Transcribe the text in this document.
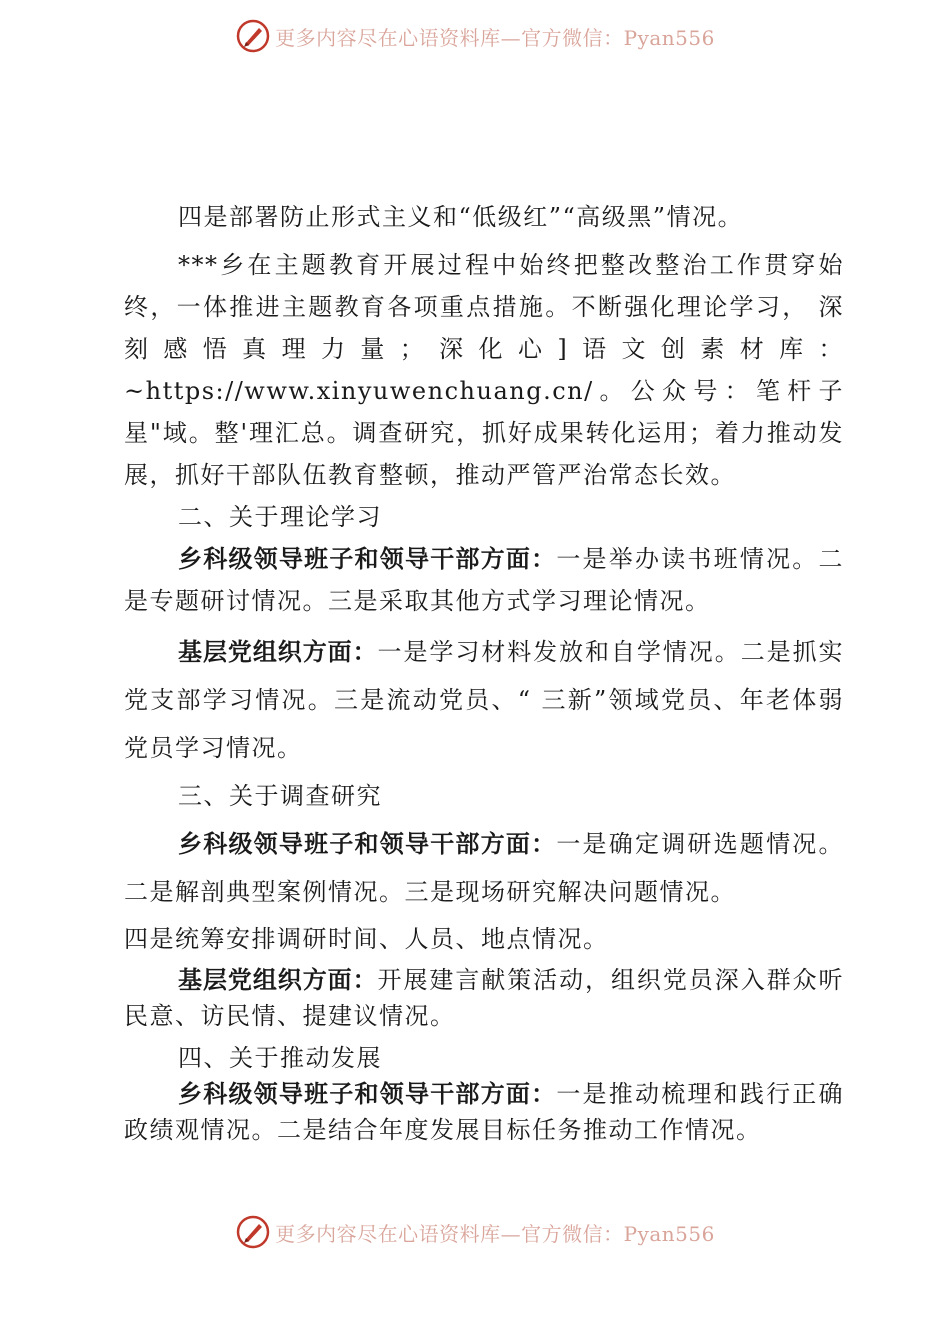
更多内容尽在心语资料库—官方微信：Pyan556

四是部署防止形式主义和“低级红”“高级黑”情况。

***乡在主题教育开展过程中始终把整改整治工作贯穿始终，一体推进主题教育各项重点措施。不断强化理论学习， 深刻感悟真理力量；深化心]语文创素材库：~https://www.xinyuwenchuang.cn/。公众号：笔杆子星"域。整'理汇总。调查研究，抓好成果转化运用；着力推动发展，抓好干部队伍教育整顿，推动严管严治常态长效。

二、关于理论学习

乡科级领导班子和领导干部方面：一是举办读书班情况。二是专题研讨情况。三是采取其他方式学习理论情况。

基层党组织方面：一是学习材料发放和自学情况。二是抓实党支部学习情况。三是流动党员、“ 三新”领域党员、年老体弱党员学习情况。

三、关于调查研究

乡科级领导班子和领导干部方面：一是确定调研选题情况。二是解剖典型案例情况。三是现场研究解决问题情况。

四是统筹安排调研时间、人员、地点情况。

基层党组织方面：开展建言献策活动，组织党员深入群众听民意、访民情、提建议情况。

四、关于推动发展

乡科级领导班子和领导干部方面：一是推动梳理和践行正确政绩观情况。二是结合年度发展目标任务推动工作情况。

更多内容尽在心语资料库—官方微信：Pyan556
